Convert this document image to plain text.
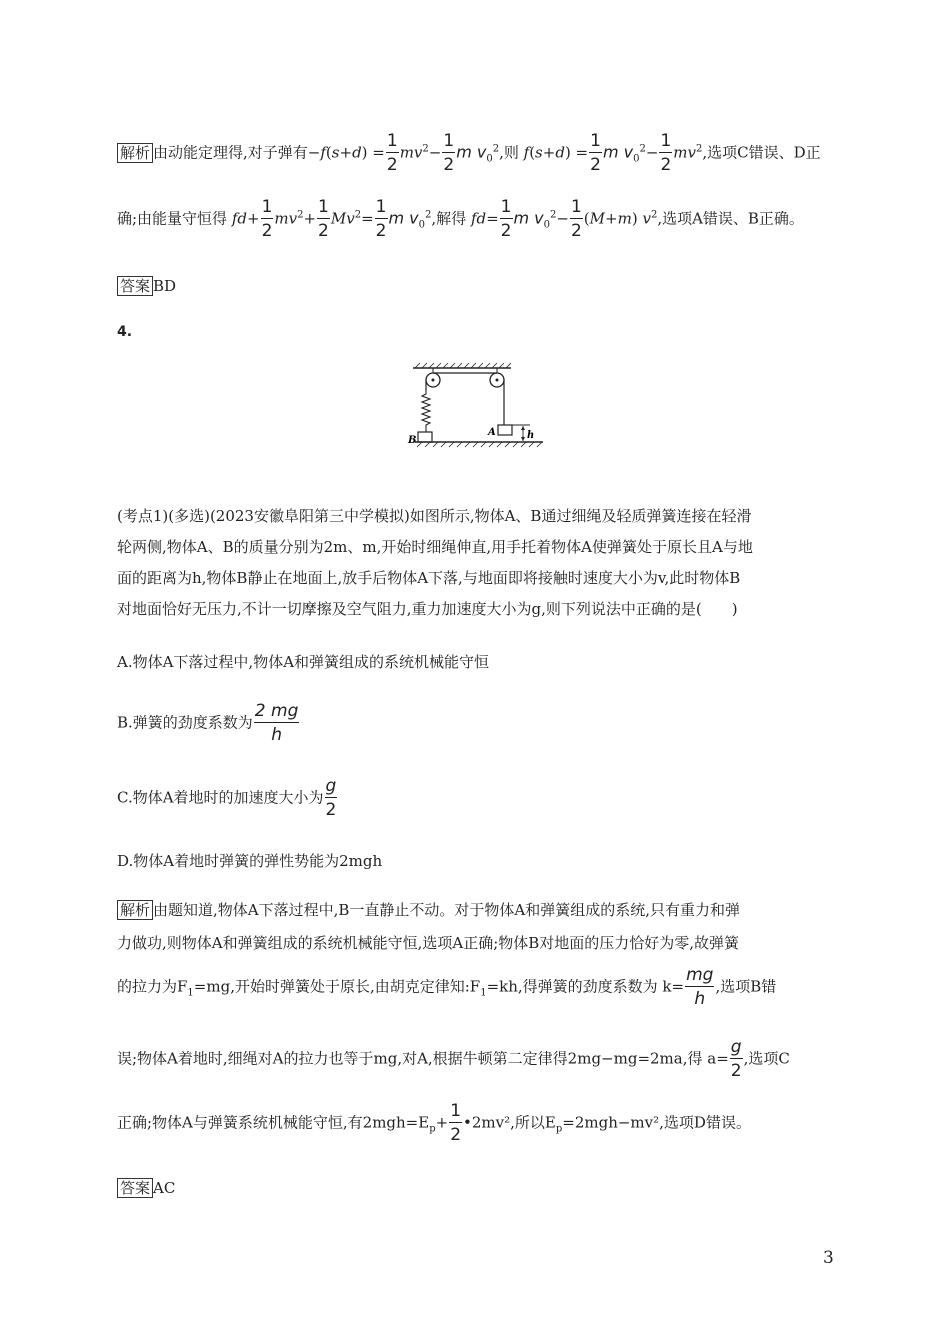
解析 由动能定理得,对子弹有$-f(s+d) = \frac{1}{2} mv^2- \frac{1}{2}$ m $v_0^2$,则 $f(s+d) = \frac{1}{2}$ m $v_0^2- \frac{1}{2} mv^2$,选项C错误、D正
确;由能量守恒得 $fd+ \frac{1}{2} mv^2+ \frac{1}{2} Mv^2= \frac{1}{2}$ m $v_0^2$,解得 $fd= \frac{1}{2}$ m $v_0^2- \frac{1}{2} (M+m)$ $v^2$,选项A错误、B正确。
答案 BD
4.
A
B	h
(考点1)(多选)(2023安徽阜阳第三中学模拟)如图所示,物体A、B通过细绳及轻质弹簧连接在轻滑
轮两侧,物体A、B的质量分别为2m、m,开始时细绳伸直,用手托着物体A使弹簧处于原长且A与地
面的距离为h,物体B静止在地面上,放手后物体A下落,与地面即将接触时速度大小为v,此时物体B
对地面恰好无压力,不计一切摩擦及空气阻力,重力加速度大小为g,则下列说法中正确的是(　　)
A.物体A下落过程中,物体A和弹簧组成的系统机械能守恒
B.弹簧的劲度系数为 $\frac{2 mg}{h}$
C.物体A着地时的加速度大小为 $\frac{g}{2}$
D.物体A着地时弹簧的弹性势能为2mgh
解析 由题知道,物体A下落过程中,B一直静止不动。对于物体A和弹簧组成的系统,只有重力和弹
力做功,则物体A和弹簧组成的系统机械能守恒,选项A正确;物体B对地面的压力恰好为零,故弹簧
的拉力为$F_1=mg$,开始时弹簧处于原长,由胡克定律知$:F_1=kh$,得弹簧的劲度系数为 $k= \frac{mg}{h}$ ,选项B错
误;物体A着地时,细绳对A的拉力也等于mg,对A,根据牛顿第二定律得2mg−mg=2ma,得 $a= \frac{g}{2}$ ,选项C
正确;物体A与弹簧系统机械能守恒,有$2mgh=E_p+ \frac{1}{2}$ •2mv²,所以$E_p=2mgh-mv^2$,选项D错误。
答案 AC
3
